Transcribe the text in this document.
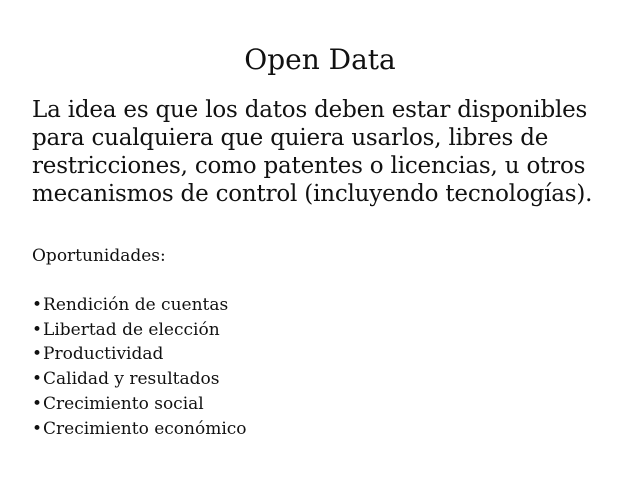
Open Data

La idea es que los datos deben estar disponibles para cualquiera que quiera usarlos, libres de restricciones, como patentes o licencias, u otros mecanismos de control (incluyendo tecnologías).

Oportunidades:

•Rendición de cuentas
•Libertad de elección
•Productividad
•Calidad y resultados
•Crecimiento social
•Crecimiento económico
